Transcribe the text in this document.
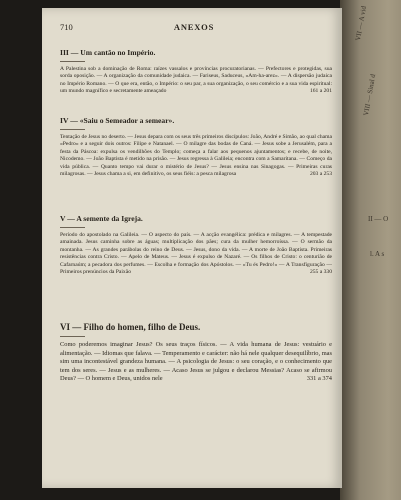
VII — A vid
VIII — Sinal d
II — O
l. A s
710	ANEXOS
III — Um cantão no Império.

A Palestina sob a dominação de Roma: raízes vassalos e províncias procuratorianas. — Prefectores e protegidas, sua sorda oposição. — A organização da comunidade judaica. — Fariseus, Saduceus, «Am-ha-arez». — A dispersão judaica no Império Romano. — O que era, então, o Império: o seu par, a sua organização, o seu comércio e a sua vida espiritual: um mundo magnífico e secretamente ameaçado	161 a 201

IV — «Saiu o Semeador a semear».

Tentação de Jesus no deserto. — Jesus depara com os seus três primeiros discípulos: João, André e Simão, ao qual chama «Pedro» e a seguir dois outros: Filipe e Natanael. — O milagre das bodas de Caná. — Jesus sobe a Jerusalém, para a festa da Páscoa: expulsa os vendilhões do Templo; começa a falar aos pequenos ajuntamentos; e recebe, de noite, Nicodemo. — João Baptista é metido na prisão. — Jesus regressa à Galileia; encontra com a Samaritana. — Começo da vida pública. — Quanto tempo vai durar o mistério de Jesus? — Jesus ensina nas Sinagogas. — Primeiras curas milagrosas. — Jesus chama a si, em definitivo, os seus fiéis: a pesca milagrosa	203 a 253

V — A semente da Igreja.

Período do apostolado na Galileia. — O aspecto do país. — A acção evangélica: prédica e milagres. — A tempestade amainada. Jesus caminha sobre as águas; multiplicação dos pães; cura da mulher hemorroíssa. — O sermão da montanha. — As grandes parábolas do reino de Deus. — Jesus, dono da vida. — A morte de João Baptista. Primeiras resistências contra Cristo. — Apelo de Mateus. — Jesus é expulso de Nazaré. — Os filhos de Cristo: o centurião de Cafarnaúm; a pecadora dos perfumes. — Escolha e formação dos Apóstolos. — «Tu és Pedro!» — A Transfiguração — Primeiros prenúncios da Paixão	255 a 330

VI — Filho do homen, filho de Deus.

Como poderemos imaginar Jesus? Os seus traços físicos. — A vida humana de Jesus: vestuário e alimentação. — Idiomas que falava. — Temperamento e carácter: não há nele qualquer desequilíbrio, mas sim uma incontestável grandeza humana. — A psicologia de Jesus: o seu coração, e o conhecimento que tem dos seres. — Jesus e as mulheres. — Acaso Jesus se julgou e declarou Messias? Acaso se afirmou Deus? — O homem e Deus, unidos nele	331 a 374
